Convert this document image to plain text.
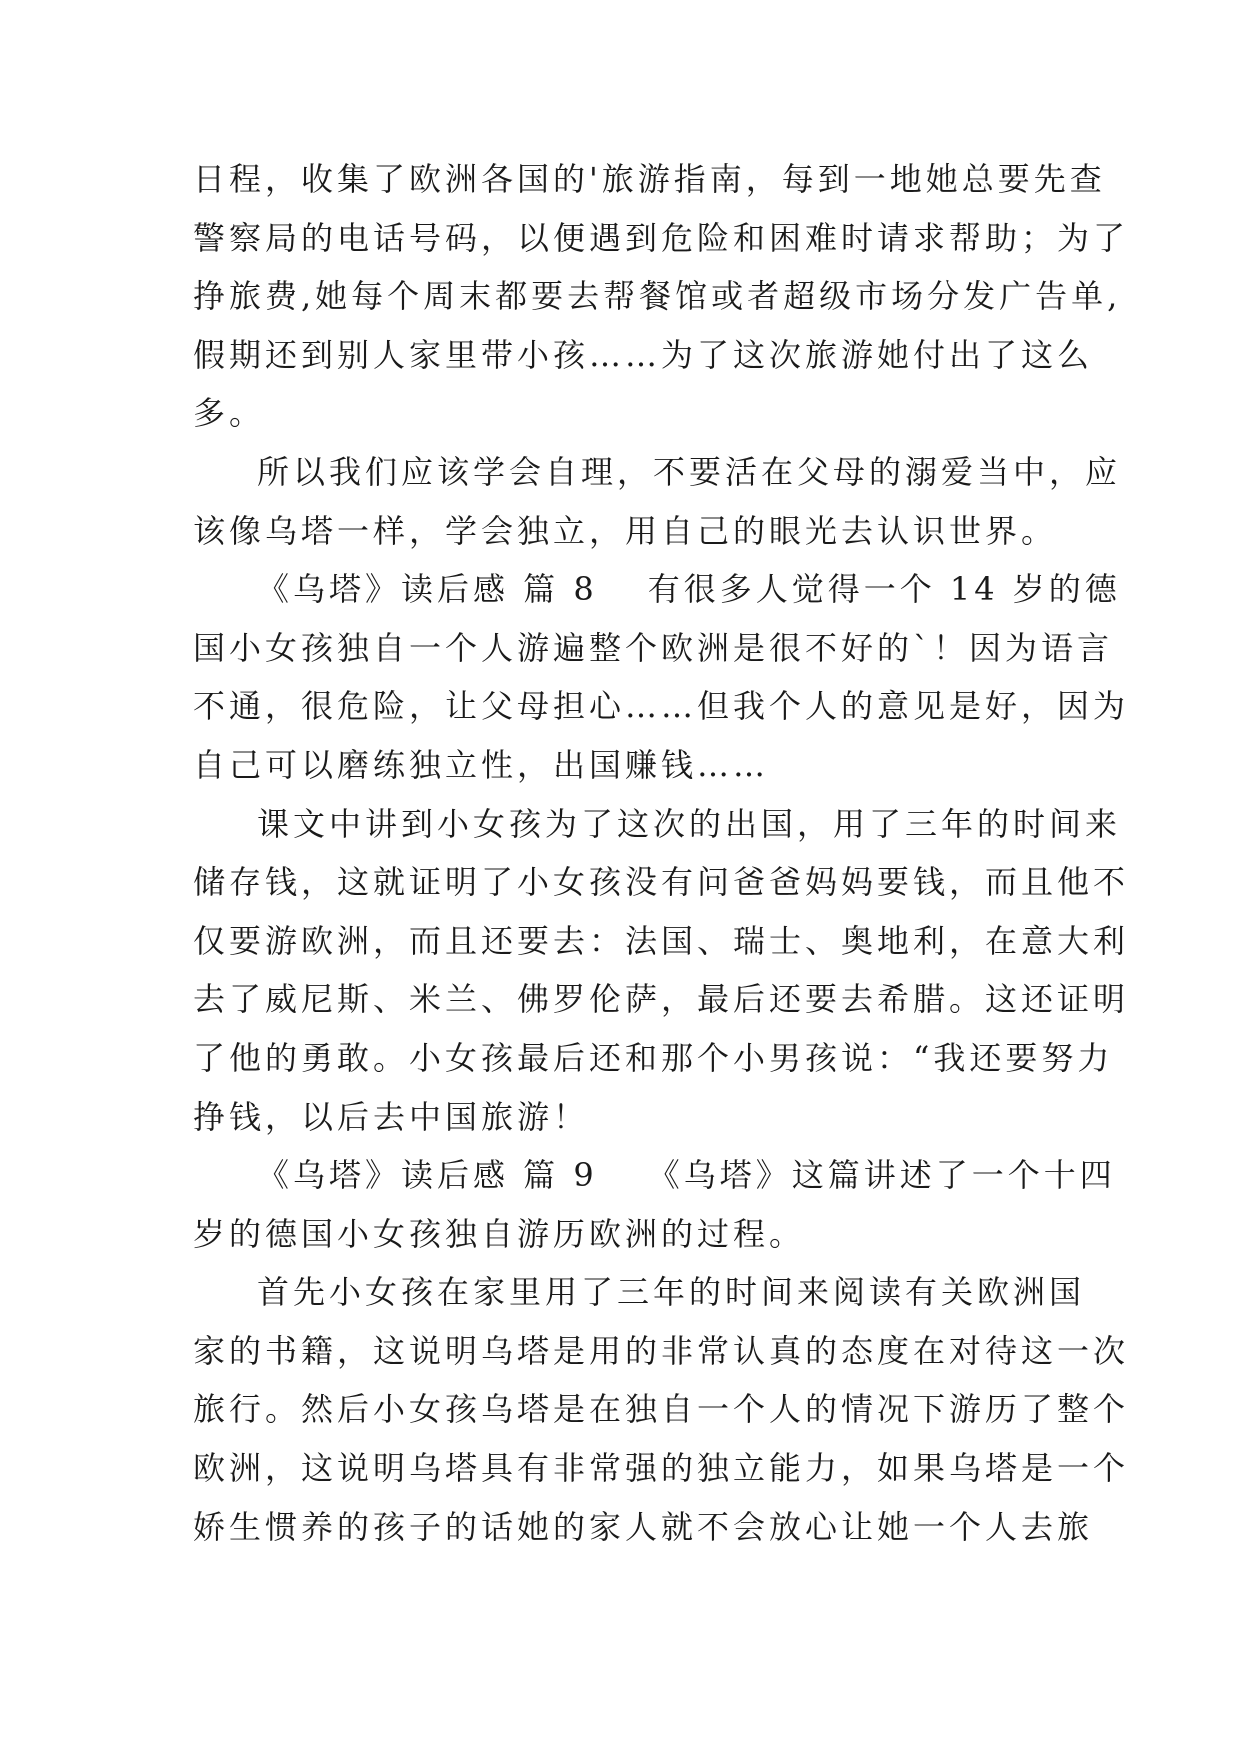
日程，收集了欧洲各国的'旅游指南，每到一地她总要先查
警察局的电话号码，以便遇到危险和困难时请求帮助；为了
挣旅费,她每个周末都要去帮餐馆或者超级市场分发广告单,
假期还到别人家里带小孩……为了这次旅游她付出了这么
多。
所以我们应该学会自理，不要活在父母的溺爱当中，应
该像乌塔一样，学会独立，用自己的眼光去认识世界。
《乌塔》读后感 篇 8 有很多人觉得一个 14 岁的德
国小女孩独自一个人游遍整个欧洲是很不好的`！因为语言
不通，很危险，让父母担心……但我个人的意见是好，因为
自己可以磨练独立性，出国赚钱……
课文中讲到小女孩为了这次的出国，用了三年的时间来
储存钱，这就证明了小女孩没有问爸爸妈妈要钱，而且他不
仅要游欧洲，而且还要去：法国、瑞士、奥地利，在意大利
去了威尼斯、米兰、佛罗伦萨，最后还要去希腊。这还证明
了他的勇敢。小女孩最后还和那个小男孩说：“我还要努力
挣钱，以后去中国旅游！
《乌塔》读后感 篇 9 《乌塔》这篇讲述了一个十四
岁的德国小女孩独自游历欧洲的过程。
首先小女孩在家里用了三年的时间来阅读有关欧洲国
家的书籍，这说明乌塔是用的非常认真的态度在对待这一次
旅行。然后小女孩乌塔是在独自一个人的情况下游历了整个
欧洲，这说明乌塔具有非常强的独立能力，如果乌塔是一个
娇生惯养的孩子的话她的家人就不会放心让她一个人去旅
